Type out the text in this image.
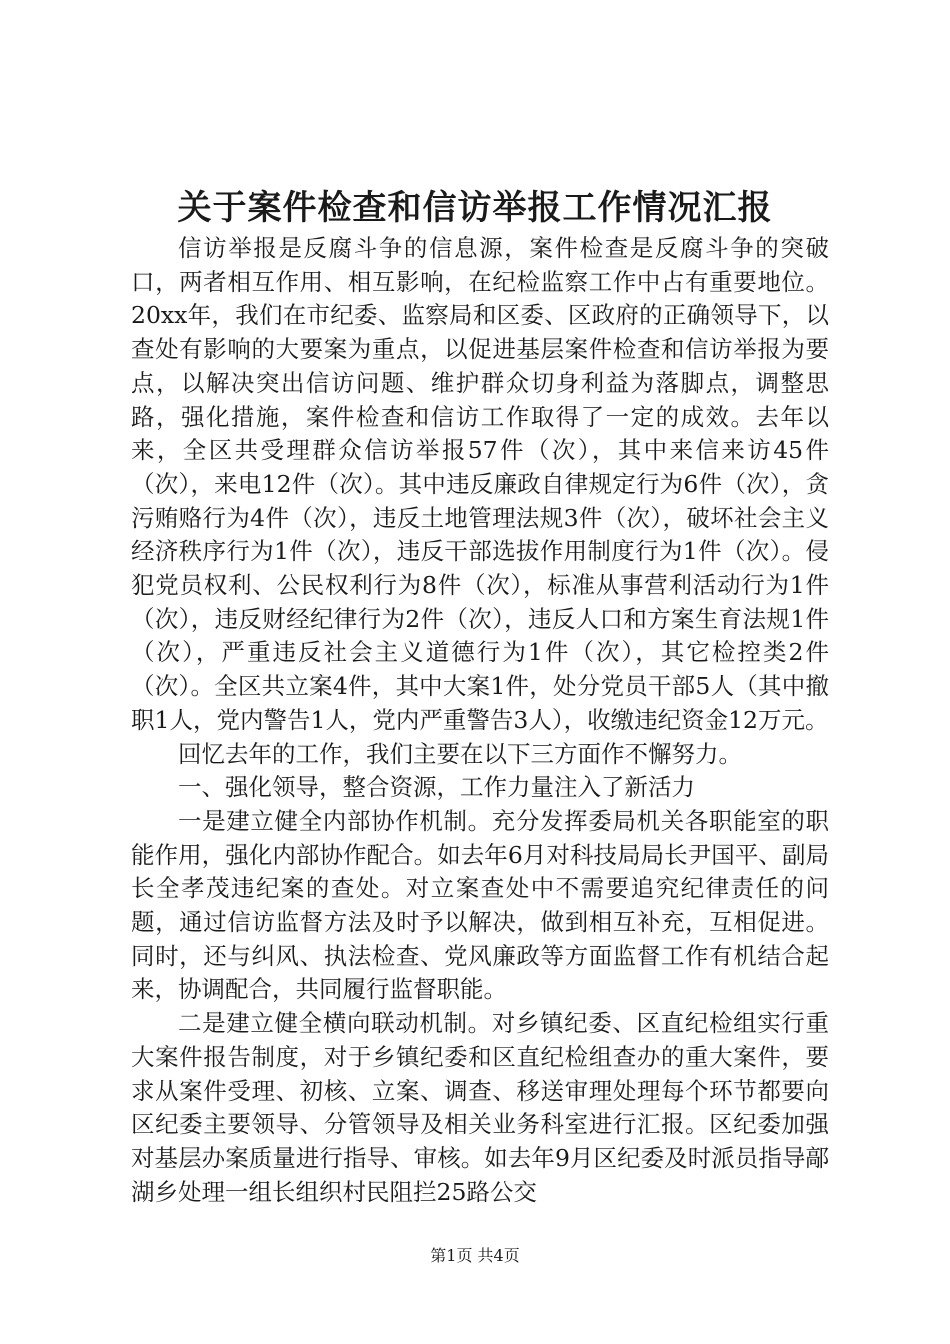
关于案件检查和信访举报工作情况汇报

信访举报是反腐斗争的信息源，案件检查是反腐斗争的突破口，两者相互作用、相互影响，在纪检监察工作中占有重要地位。20xx年，我们在市纪委、监察局和区委、区政府的正确领导下，以查处有影响的大要案为重点，以促进基层案件检查和信访举报为要点，以解决突出信访问题、维护群众切身利益为落脚点，调整思路，强化措施，案件检查和信访工作取得了一定的成效。去年以来，全区共受理群众信访举报57件（次），其中来信来访45件（次），来电12件（次）。其中违反廉政自律规定行为6件（次），贪污贿赂行为4件（次），违反土地管理法规3件（次），破坏社会主义经济秩序行为1件（次），违反干部选拔作用制度行为1件（次）。侵犯党员权利、公民权利行为8件（次），标准从事营利活动行为1件（次），违反财经纪律行为2件（次），违反人口和方案生育法规1件（次），严重违反社会主义道德行为1件（次），其它检控类2件（次）。全区共立案4件，其中大案1件，处分党员干部5人（其中撤职1人，党内警告1人，党内严重警告3人），收缴违纪资金12万元。

回忆去年的工作，我们主要在以下三方面作不懈努力。

一、强化领导，整合资源，工作力量注入了新活力

一是建立健全内部协作机制。充分发挥委局机关各职能室的职能作用，强化内部协作配合。如去年6月对科技局局长尹国平、副局长全孝茂违纪案的查处。对立案查处中不需要追究纪律责任的问题，通过信访监督方法及时予以解决，做到相互补充，互相促进。同时，还与纠风、执法检查、党风廉政等方面监督工作有机结合起来，协调配合，共同履行监督职能。

二是建立健全横向联动机制。对乡镇纪委、区直纪检组实行重大案件报告制度，对于乡镇纪委和区直纪检组查办的重大案件，要求从案件受理、初核、立案、调查、移送审理处理每个环节都要向区纪委主要领导、分管领导及相关业务科室进行汇报。区纪委加强对基层办案质量进行指导、审核。如去年9月区纪委及时派员指导鄗湖乡处理一组长组织村民阻拦25路公交

第1页 共4页
